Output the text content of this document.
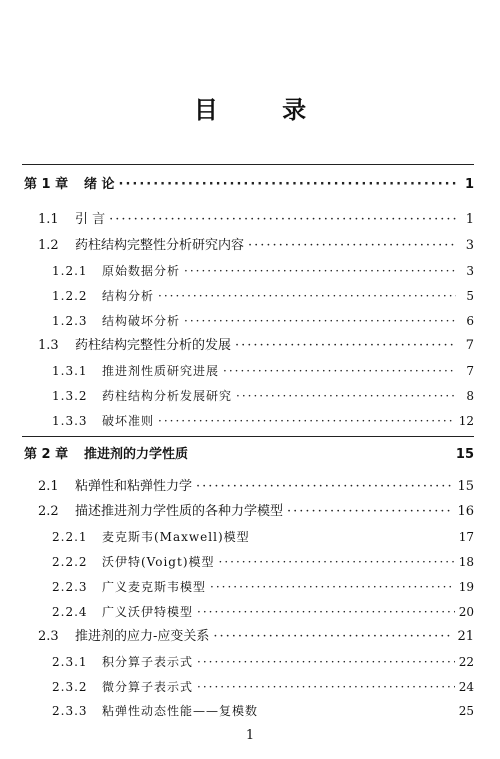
目 录
第 1 章	绪 论 ·····	1
1.1	引 言 ·····	1
1.2	药柱结构完整性分析研究内容 ·····	3
1.2.1	原始数据分析 ·····	3
1.2.2	结构分析 ·····	5
1.2.3	结构破坏分析 ·····	6
1.3	药柱结构完整性分析的发展 ·····	7
1.3.1	推进剂性质研究进展 ·····	7
1.3.2	药柱结构分析发展研究 ·····	8
1.3.3	破坏准则 ·····	12
第 2 章	推进剂的力学性质	15
2.1	粘弹性和粘弹性力学 ·····	15
2.2	描述推进剂力学性质的各种力学模型 ·····	16
2.2.1	麦克斯韦(Maxwell)模型	17
2.2.2	沃伊特(Voigt)模型 ·····	18
2.2.3	广义麦克斯韦模型 ·····	19
2.2.4	广义沃伊特模型 ·····	20
2.3	推进剂的应力-应变关系 ·····	21
2.3.1	积分算子表示式 ·····	22
2.3.2	微分算子表示式 ·····	24
2.3.3	粘弹性动态性能——复模数	25
1
